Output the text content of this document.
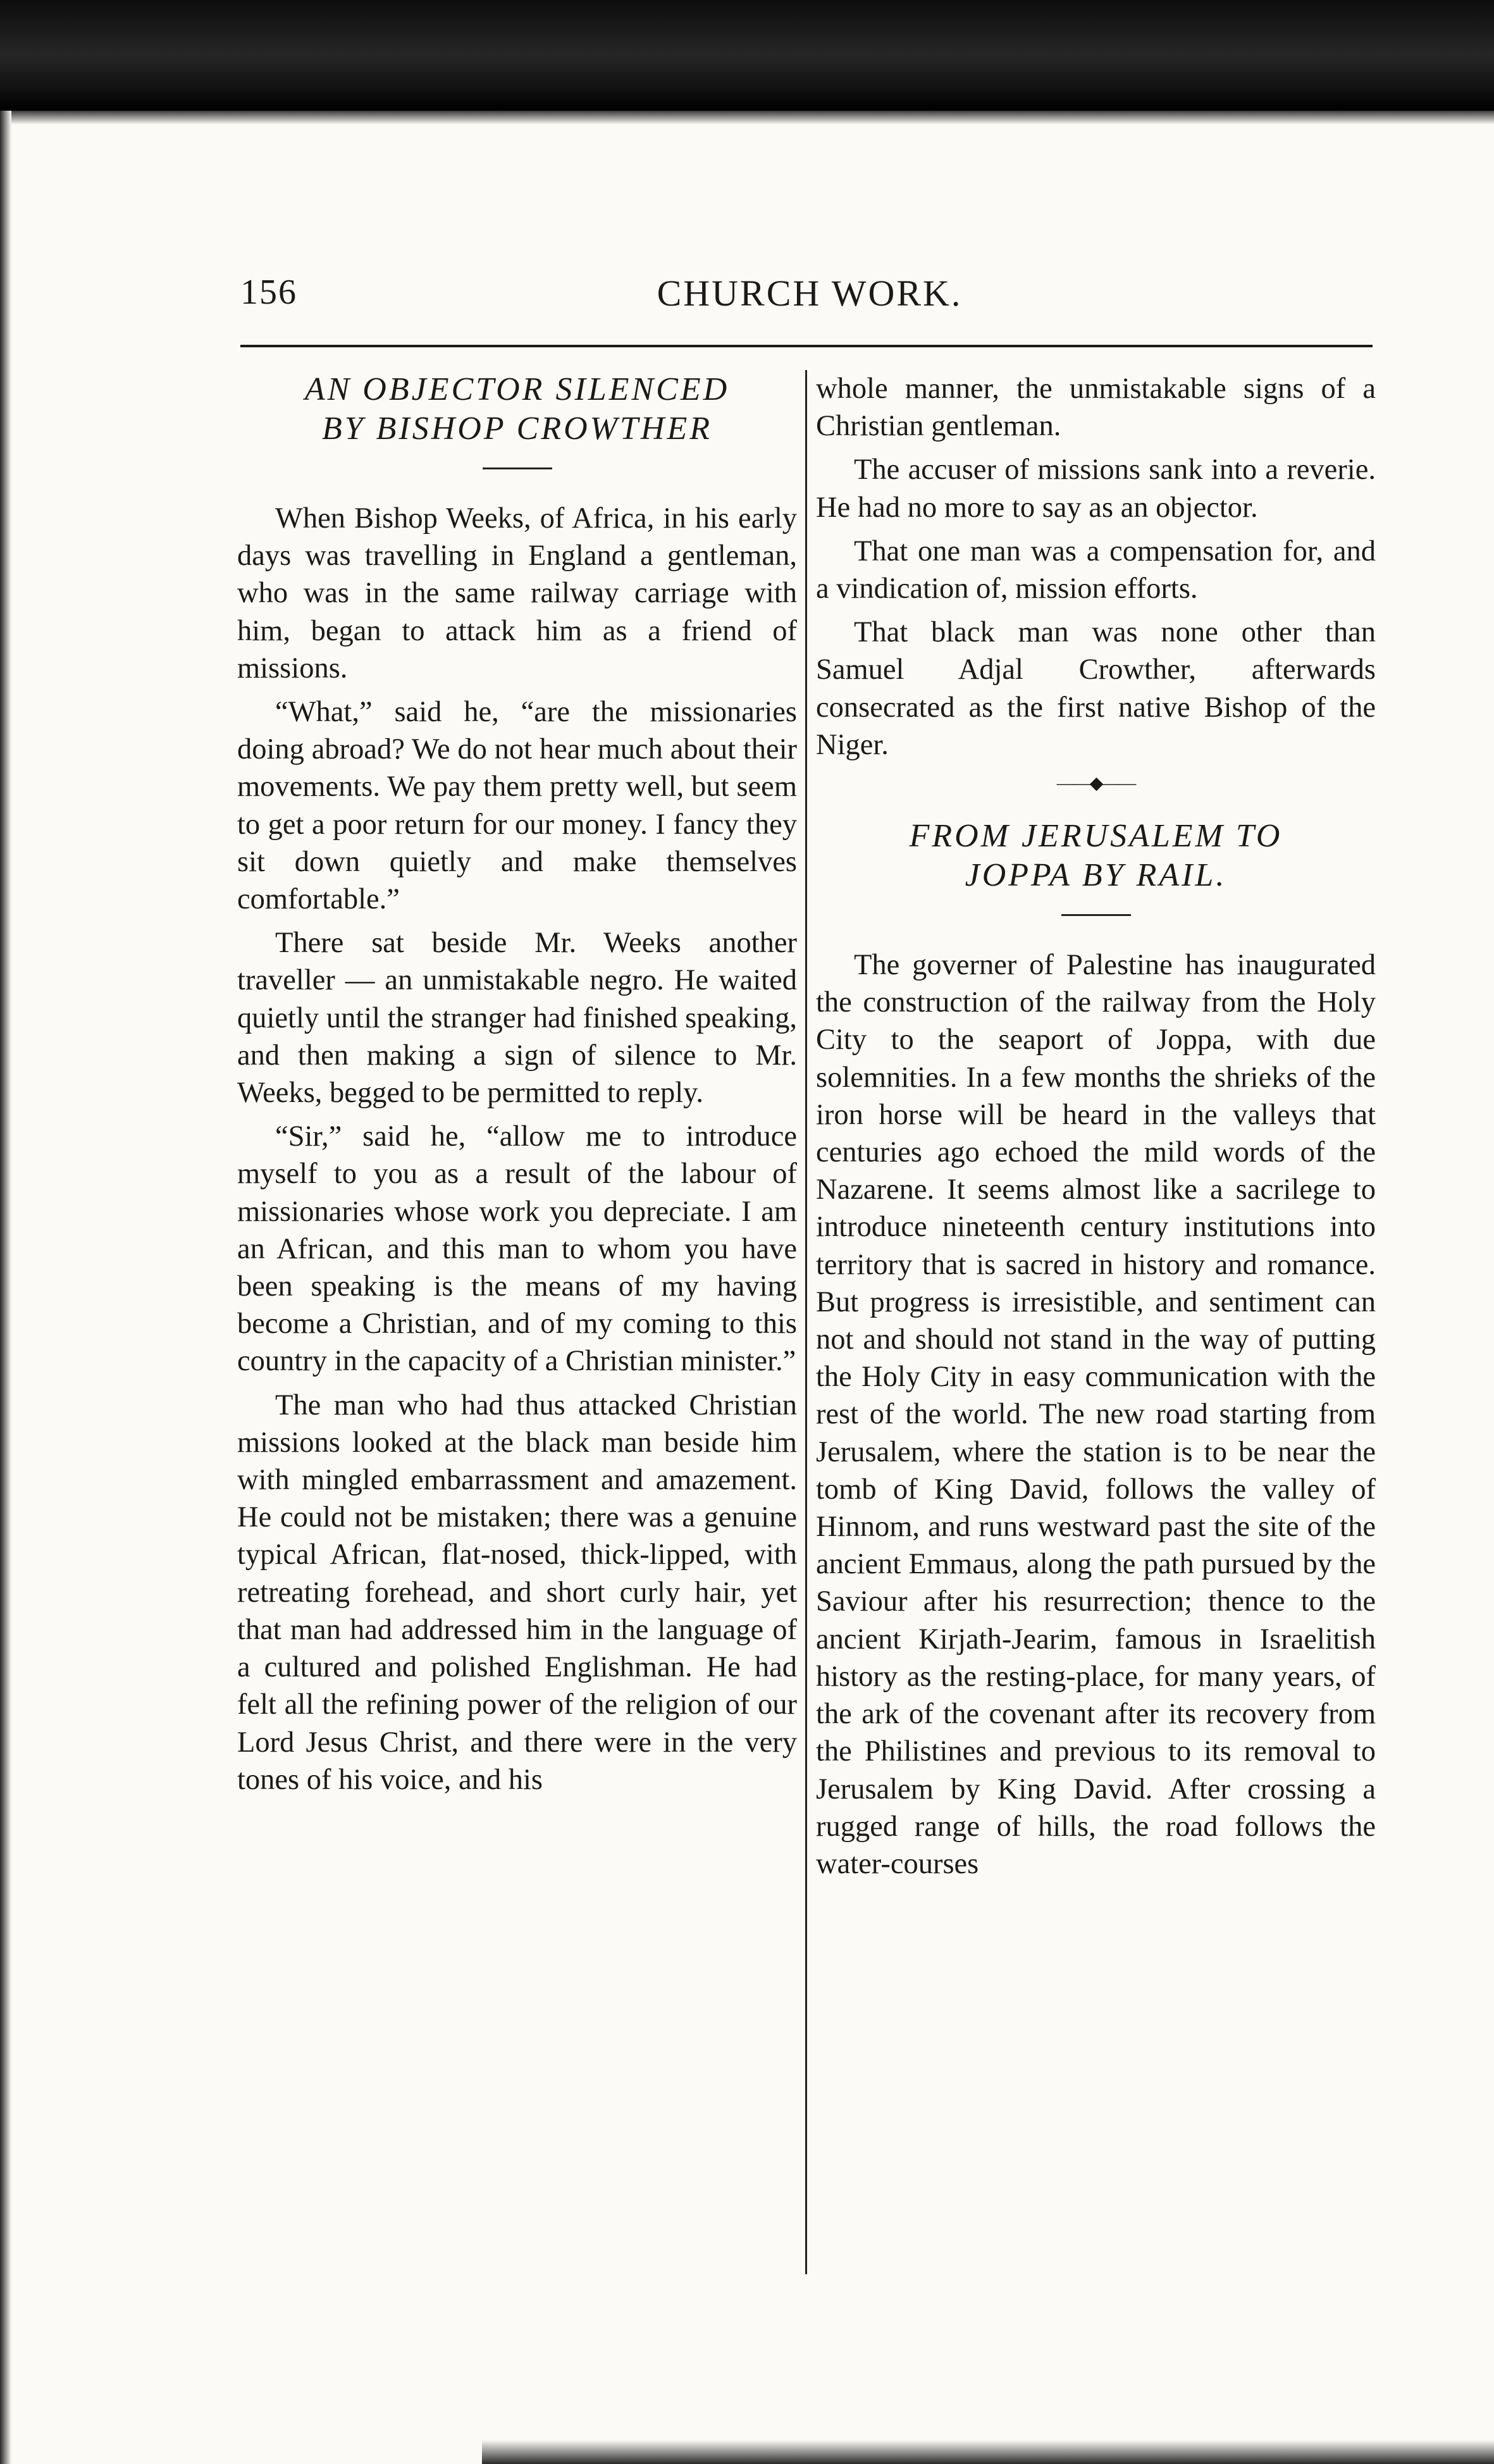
156	CHURCH WORK.
AN OBJECTOR SILENCED
BY BISHOP CROWTHER

When Bishop Weeks, of Africa, in his early days was travelling in England a gentleman, who was in the same railway carriage with him, began to attack him as a friend of missions.

“What,” said he, “are the missionaries doing abroad? We do not hear much about their movements. We pay them pretty well, but seem to get a poor return for our money. I fancy they sit down quietly and make themselves comfortable.”

There sat beside Mr. Weeks another traveller — an unmistakable negro. He waited quietly until the stranger had finished speaking, and then making a sign of silence to Mr. Weeks, begged to be permitted to reply.

“Sir,” said he, “allow me to introduce myself to you as a result of the labour of missionaries whose work you depreciate. I am an African, and this man to whom you have been speaking is the means of my having become a Christian, and of my coming to this country in the capacity of a Christian minister.”

The man who had thus attacked Christian missions looked at the black man beside him with mingled embarrassment and amazement. He could not be mistaken; there was a genuine typical African, flat-nosed, thick-lipped, with retreating forehead, and short curly hair, yet that man had addressed him in the language of a cultured and polished Englishman. He had felt all the refining power of the religion of our Lord Jesus Christ, and there were in the very tones of his voice, and his

whole manner, the unmistakable signs of a Christian gentleman.

The accuser of missions sank into a reverie. He had no more to say as an objector.

That one man was a compensation for, and a vindication of, mission efforts.

That black man was none other than Samuel Adjal Crowther, afterwards consecrated as the first native Bishop of the Niger.

——◆——
FROM JERUSALEM TO
JOPPA BY RAIL.

The governer of Palestine has inaugurated the construction of the railway from the Holy City to the seaport of Joppa, with due solemnities. In a few months the shrieks of the iron horse will be heard in the valleys that centuries ago echoed the mild words of the Nazarene. It seems almost like a sacrilege to introduce nineteenth century institutions into territory that is sacred in history and romance. But progress is irresistible, and sentiment can not and should not stand in the way of putting the Holy City in easy communication with the rest of the world. The new road starting from Jerusalem, where the station is to be near the tomb of King David, follows the valley of Hinnom, and runs westward past the site of the ancient Emmaus, along the path pursued by the Saviour after his resurrection; thence to the ancient Kirjath-Jearim, famous in Israelitish history as the resting-place, for many years, of the ark of the covenant after its recovery from the Philistines and previous to its removal to Jerusalem by King David. After crossing a rugged range of hills, the road follows the water-courses
